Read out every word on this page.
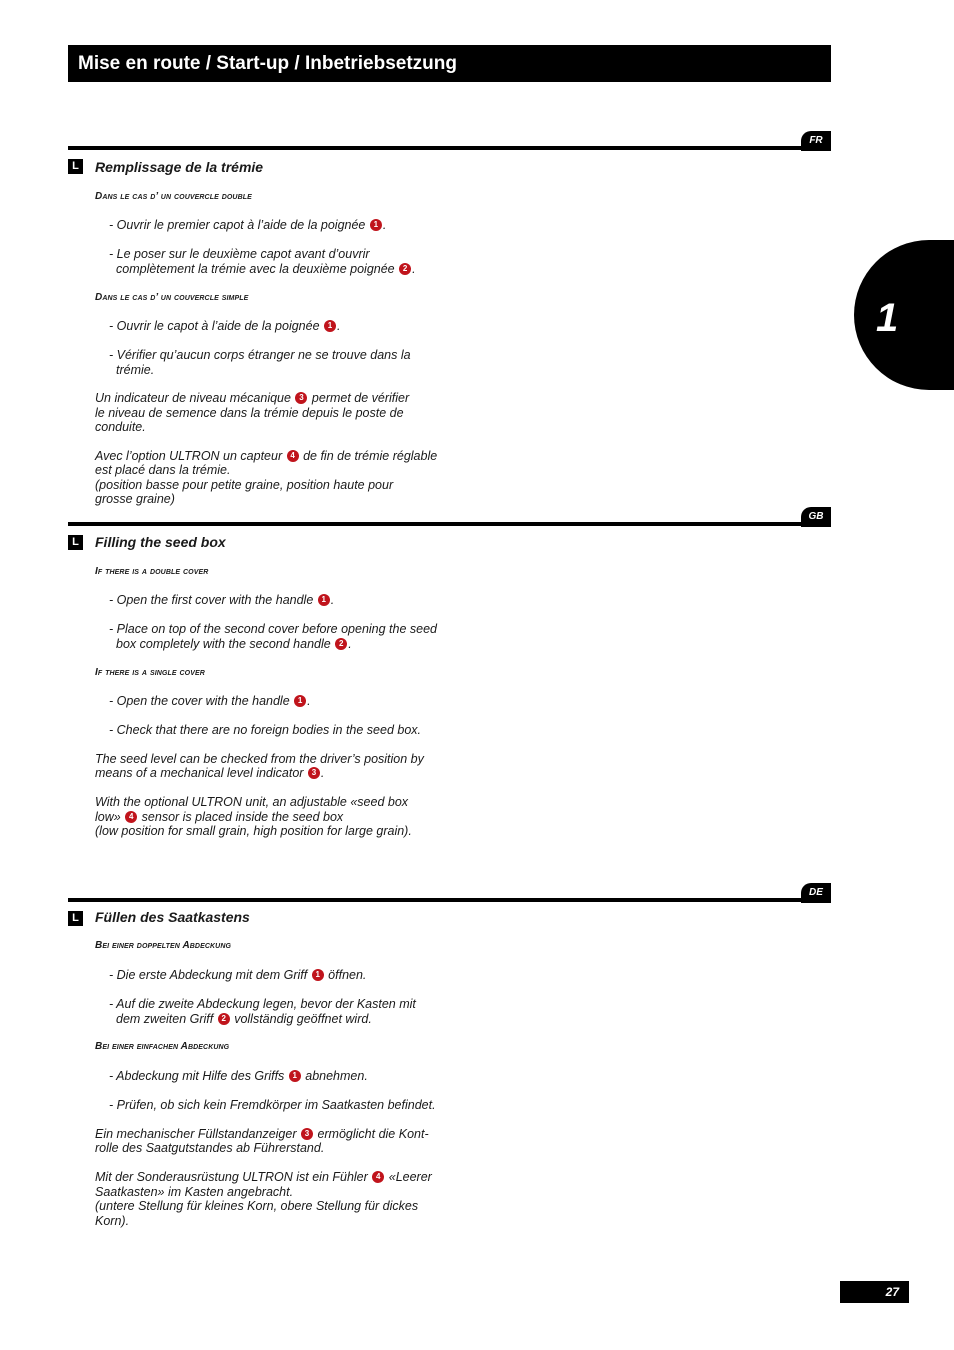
Mise en route / Start-up / Inbetriebsetzung
1
FR
L Remplissage de la trémie
Dans le cas d’ un couvercle double
- Ouvrir le premier capot à l’aide de la poignée 1 .
- Le poser sur le deuxième capot avant d’ouvrir
complètement la trémie avec la deuxième poignée 2 .
Dans le cas d’ un couvercle simple
- Ouvrir le capot à l’aide de la poignée 1 .
- Vérifier qu’aucun corps étranger ne se trouve dans la
trémie.
Un indicateur de niveau mécanique 3 permet de vérifier
le niveau de semence dans la trémie depuis le poste de
conduite.
Avec l’option ULTRON un capteur 4 de fin de trémie réglable
est placé dans la trémie.
(position basse pour petite graine, position haute pour
grosse graine)
GB
L Filling the seed box
If there is a double cover
- Open the first cover with the handle 1 .
- Place on top of the second cover before opening the seed
box completely with the second handle 2 .
If there is a single cover
- Open the cover with the handle 1 .
- Check that there are no foreign bodies in the seed box.
The seed level can be checked from the driver’s position by
means of a mechanical level indicator 3 .
With the optional ULTRON unit, an adjustable «seed box
low» 4 sensor is placed inside the seed box
(low position for small grain, high position for large grain).
DE
L Füllen des Saatkastens
Bei einer doppelten Abdeckung
- Die erste Abdeckung mit dem Griff 1 öffnen.
- Auf die zweite Abdeckung legen, bevor der Kasten mit
dem zweiten Griff 2 vollständig geöffnet wird.
Bei einer einfachen Abdeckung
- Abdeckung mit Hilfe des Griffs 1 abnehmen.
- Prüfen, ob sich kein Fremdkörper im Saatkasten befindet.
Ein mechanischer Füllstandanzeiger 3 ermöglicht die Kont-
rolle des Saatgutstandes ab Führerstand.
Mit der Sonderausrüstung ULTRON ist ein Fühler 4 «Leerer
Saatkasten» im Kasten angebracht.
(untere Stellung für kleines Korn, obere Stellung für dickes
Korn).
27
